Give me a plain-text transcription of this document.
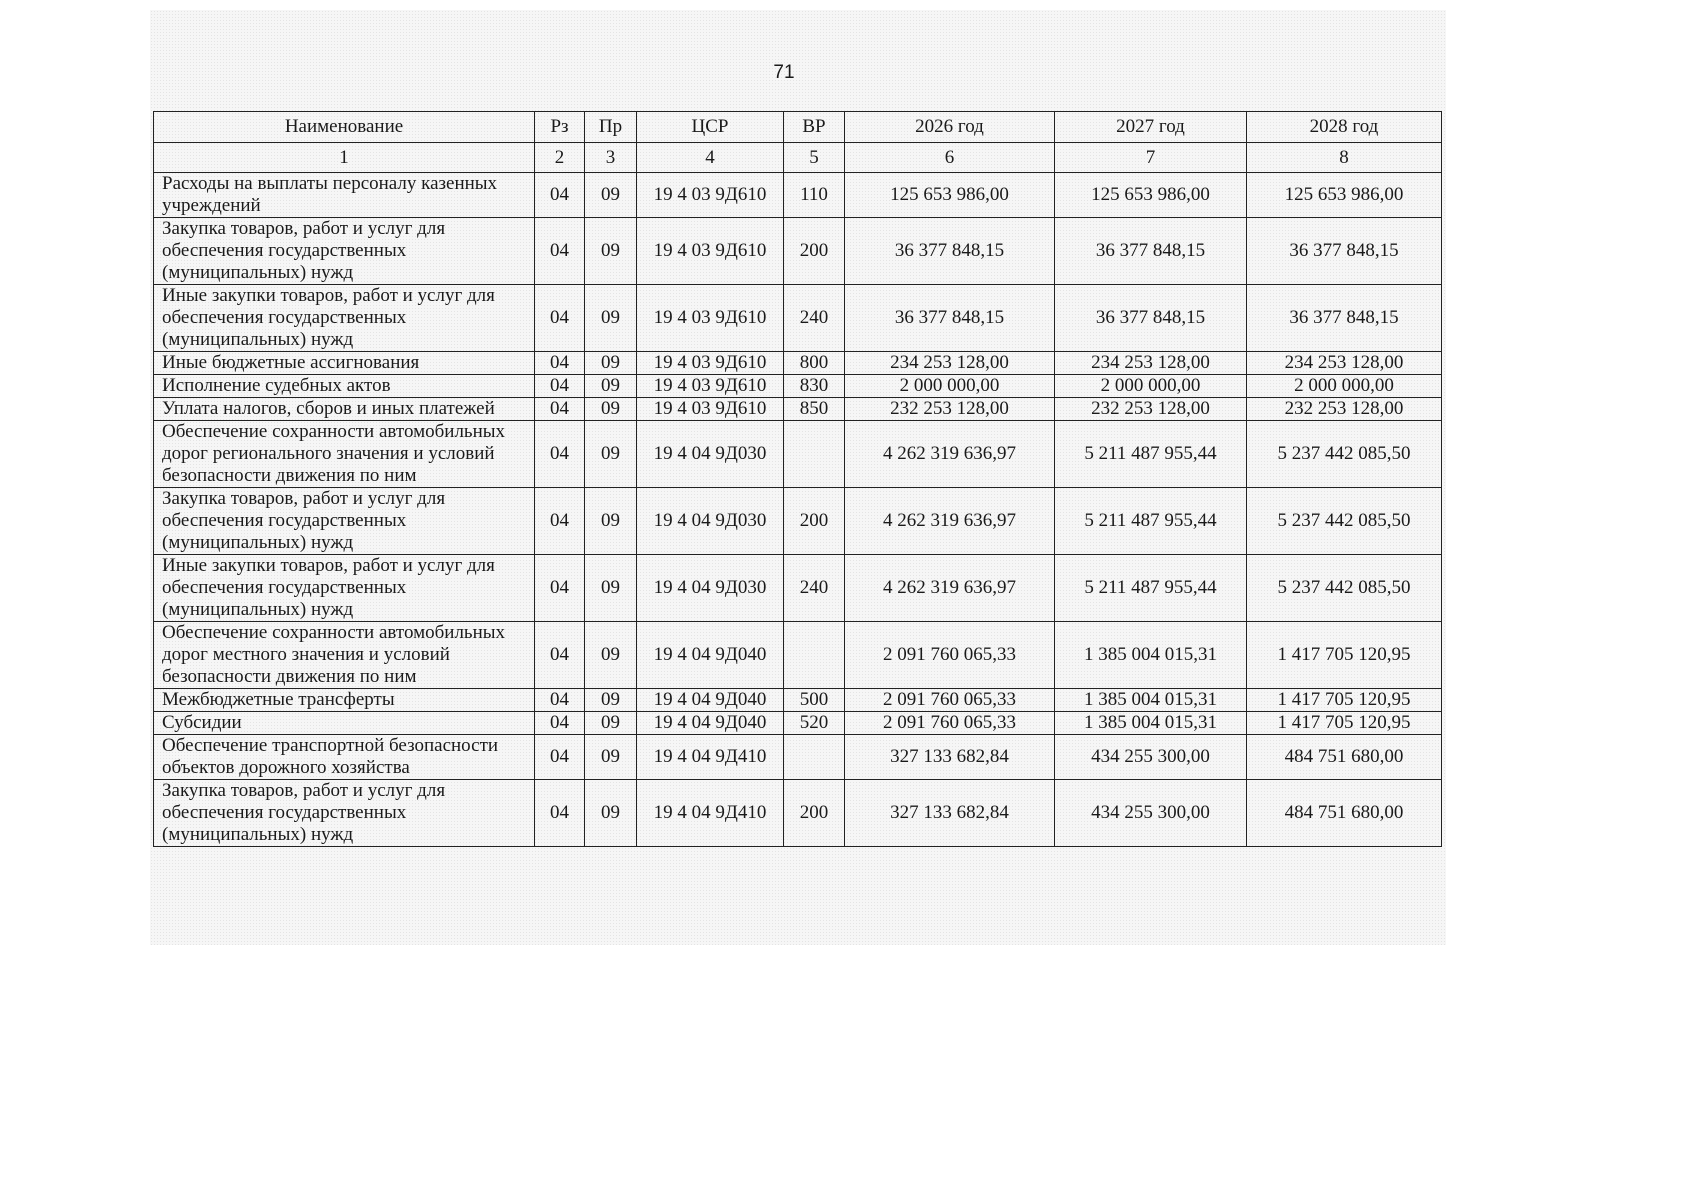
71
Наименование	Рз	Пр	ЦСР	ВР	2026 год	2027 год	2028 год
1	2	3	4	5	6	7	8
Расходы на выплаты персоналу казенных учреждений	04	09	19 4 03 9Д610	110	125 653 986,00	125 653 986,00	125 653 986,00
Закупка товаров, работ и услуг для обеспечения государственных (муниципальных) нужд	04	09	19 4 03 9Д610	200	36 377 848,15	36 377 848,15	36 377 848,15
Иные закупки товаров, работ и услуг для обеспечения государственных (муниципальных) нужд	04	09	19 4 03 9Д610	240	36 377 848,15	36 377 848,15	36 377 848,15
Иные бюджетные ассигнования	04	09	19 4 03 9Д610	800	234 253 128,00	234 253 128,00	234 253 128,00
Исполнение судебных актов	04	09	19 4 03 9Д610	830	2 000 000,00	2 000 000,00	2 000 000,00
Уплата налогов, сборов и иных платежей	04	09	19 4 03 9Д610	850	232 253 128,00	232 253 128,00	232 253 128,00
Обеспечение сохранности автомобильных дорог регионального значения и условий безопасности движения по ним	04	09	19 4 04 9Д030		4 262 319 636,97	5 211 487 955,44	5 237 442 085,50
Закупка товаров, работ и услуг для обеспечения государственных (муниципальных) нужд	04	09	19 4 04 9Д030	200	4 262 319 636,97	5 211 487 955,44	5 237 442 085,50
Иные закупки товаров, работ и услуг для обеспечения государственных (муниципальных) нужд	04	09	19 4 04 9Д030	240	4 262 319 636,97	5 211 487 955,44	5 237 442 085,50
Обеспечение сохранности автомобильных дорог местного значения и условий безопасности движения по ним	04	09	19 4 04 9Д040		2 091 760 065,33	1 385 004 015,31	1 417 705 120,95
Межбюджетные трансферты	04	09	19 4 04 9Д040	500	2 091 760 065,33	1 385 004 015,31	1 417 705 120,95
Субсидии	04	09	19 4 04 9Д040	520	2 091 760 065,33	1 385 004 015,31	1 417 705 120,95
Обеспечение транспортной безопасности объектов дорожного хозяйства	04	09	19 4 04 9Д410		327 133 682,84	434 255 300,00	484 751 680,00
Закупка товаров, работ и услуг для обеспечения государственных (муниципальных) нужд	04	09	19 4 04 9Д410	200	327 133 682,84	434 255 300,00	484 751 680,00
